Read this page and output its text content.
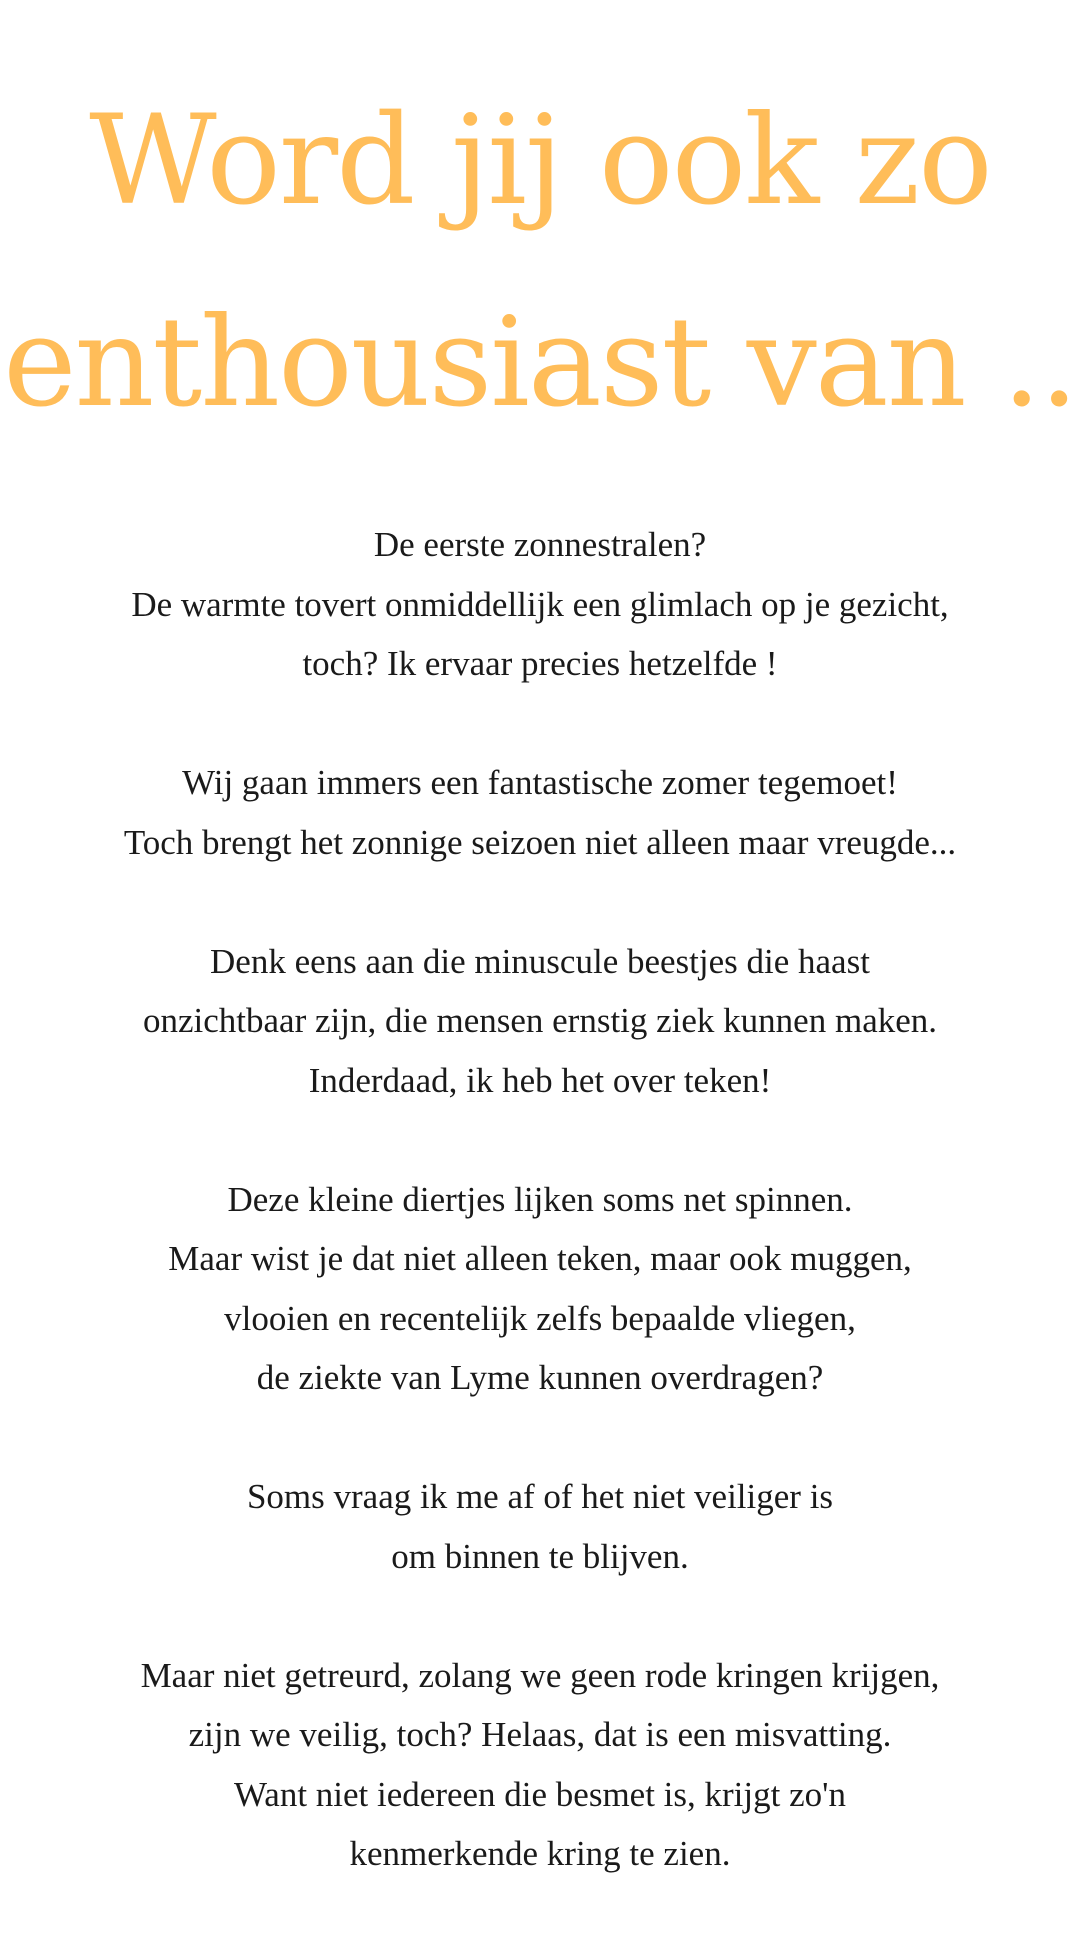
Word jij ook zo
enthousiast van ..

De eerste zonnestralen?
De warmte tovert onmiddellijk een glimlach op je gezicht,
toch? Ik ervaar precies hetzelfde !

Wij gaan immers een fantastische zomer tegemoet!
Toch brengt het zonnige seizoen niet alleen maar vreugde...

Denk eens aan die minuscule beestjes die haast
onzichtbaar zijn, die mensen ernstig ziek kunnen maken.
Inderdaad, ik heb het over teken!

Deze kleine diertjes lijken soms net spinnen.
Maar wist je dat niet alleen teken, maar ook muggen,
vlooien en recentelijk zelfs bepaalde vliegen,
de ziekte van Lyme kunnen overdragen?

Soms vraag ik me af of het niet veiliger is
om binnen te blijven.

Maar niet getreurd, zolang we geen rode kringen krijgen,
zijn we veilig, toch? Helaas, dat is een misvatting.
Want niet iedereen die besmet is, krijgt zo'n
kenmerkende kring te zien.
